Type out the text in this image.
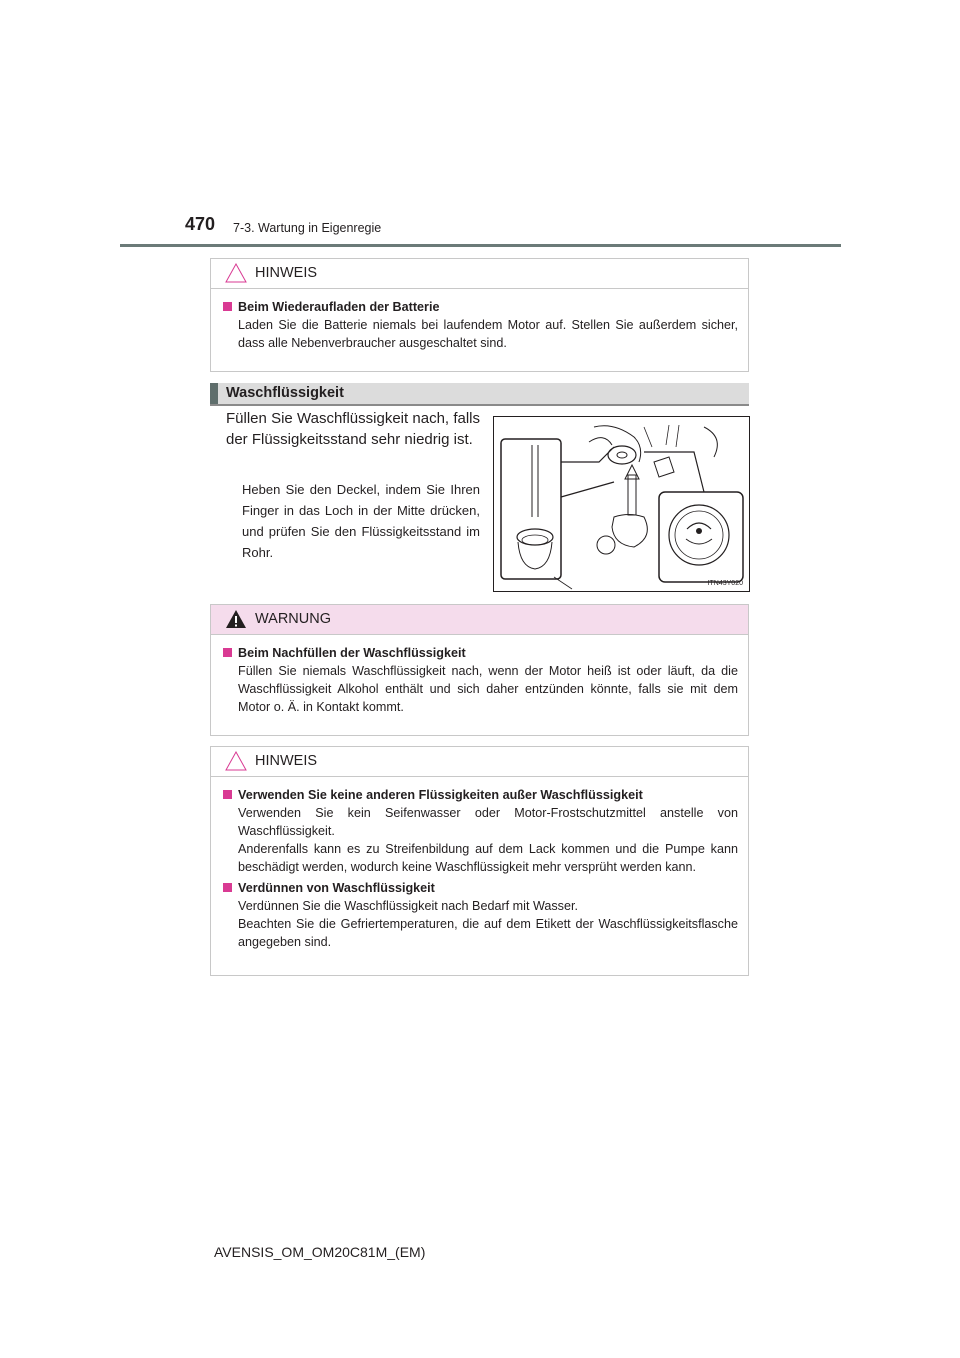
470 7-3. Wartung in Eigenregie
HINWEIS
Beim Wiederaufladen der Batterie

Laden Sie die Batterie niemals bei laufendem Motor auf. Stellen Sie außerdem sicher, dass alle Nebenverbraucher ausgeschaltet sind.

Waschflüssigkeit

Füllen Sie Waschflüssigkeit nach, falls der Flüssigkeitsstand sehr niedrig ist.

Heben Sie den Deckel, indem Sie Ihren Finger in das Loch in der Mitte drücken, und prüfen Sie den Flüssigkeitsstand im Rohr.
ITN43Y020
WARNUNG
Beim Nachfüllen der Waschflüssigkeit

Füllen Sie niemals Waschflüssigkeit nach, wenn der Motor heiß ist oder läuft, da die Waschflüssigkeit Alkohol enthält und sich daher entzünden könnte, falls sie mit dem Motor o. Ä. in Kontakt kommt.

HINWEIS
Verwenden Sie keine anderen Flüssigkeiten außer Waschflüssigkeit

Verwenden Sie kein Seifenwasser oder Motor-Frostschutzmittel anstelle von Waschflüssigkeit.

Anderenfalls kann es zu Streifenbildung auf dem Lack kommen und die Pumpe kann beschädigt werden, wodurch keine Waschflüssigkeit mehr versprüht werden kann.

Verdünnen von Waschflüssigkeit

Verdünnen Sie die Waschflüssigkeit nach Bedarf mit Wasser.

Beachten Sie die Gefriertemperaturen, die auf dem Etikett der Waschflüssigkeitsflasche angegeben sind.

AVENSIS_OM_OM20C81M_(EM)
